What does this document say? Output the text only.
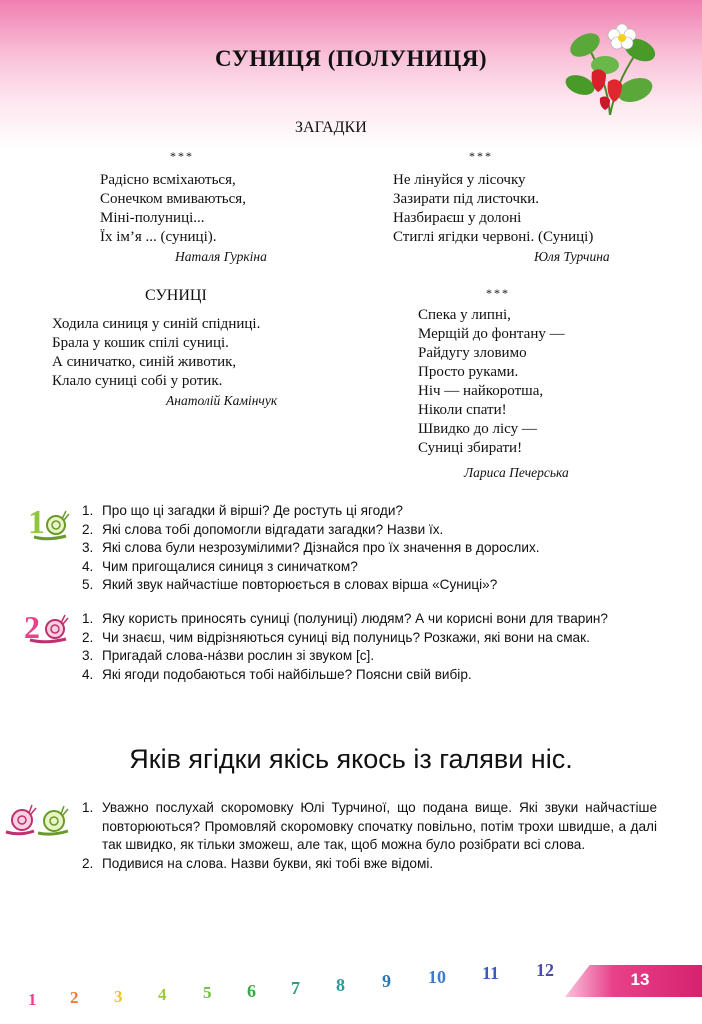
СУНИЦЯ (ПОЛУНИЦЯ)
ЗАГАДКИ
***
Радісно всміхаються,
Сонечком вмиваються,
Міні-полуниці...
Їх ім’я ... (суниці).
Наталя Гуркіна
***
Не лінуйся у лісочку
Зазирати під листочки.
Назбираєш у долоні
Стиглі ягідки червоні. (Суниці)
Юля Турчина
СУНИЦІ
Ходила синиця у синій спідниці.
Брала у кошик спілі суниці.
А синичатко, синій животик,
Клало суниці собі у ротик.
Анатолій Камінчук
***
Спека у липні,
Мерщій до фонтану —
Райдугу зловимо
Просто руками.
Ніч — найкоротша,
Ніколи спати!
Швидко до лісу —
Суниці збирати!
Лариса Печерська
1	1. Про що ці загадки й вірші? Де ростуть ці ягоди?
2. Які слова тобі допомогли відгадати загадки? Назви їх.
3. Які слова були незрозумілими? Дізнайся про їх значення в дорослих.
4. Чим пригощалися синиця з синичатком?
5. Який звук найчастіше повторюється в словах вірша «Суниці»?
2	1. Яку користь приносять суниці (полуниці) людям? А чи корисні вони для тварин?
2. Чи знаєш, чим відрізняються суниці від полуниць? Розкажи, які вони на смак.
3. Пригадай слова-нáзви рослин зі звуком [с].
4. Які ягоди подобаються тобі найбільше? Поясни свій вибір.
Яків ягідки якісь якось із галяви ніс.
1. Уважно послухай скоромовку Юлі Турчиної, що подана вище. Які звуки найчастіше повторюються? Промовляй скоромовку спочатку повільно, потім трохи швидше, а далі так швидко, як тільки зможеш, але так, щоб можна було розібрати всі слова.
2. Подивися на слова. Назви букви, які тобі вже відомі.
13
1 2 3 4 5 6 7 8 9 10 11 12
